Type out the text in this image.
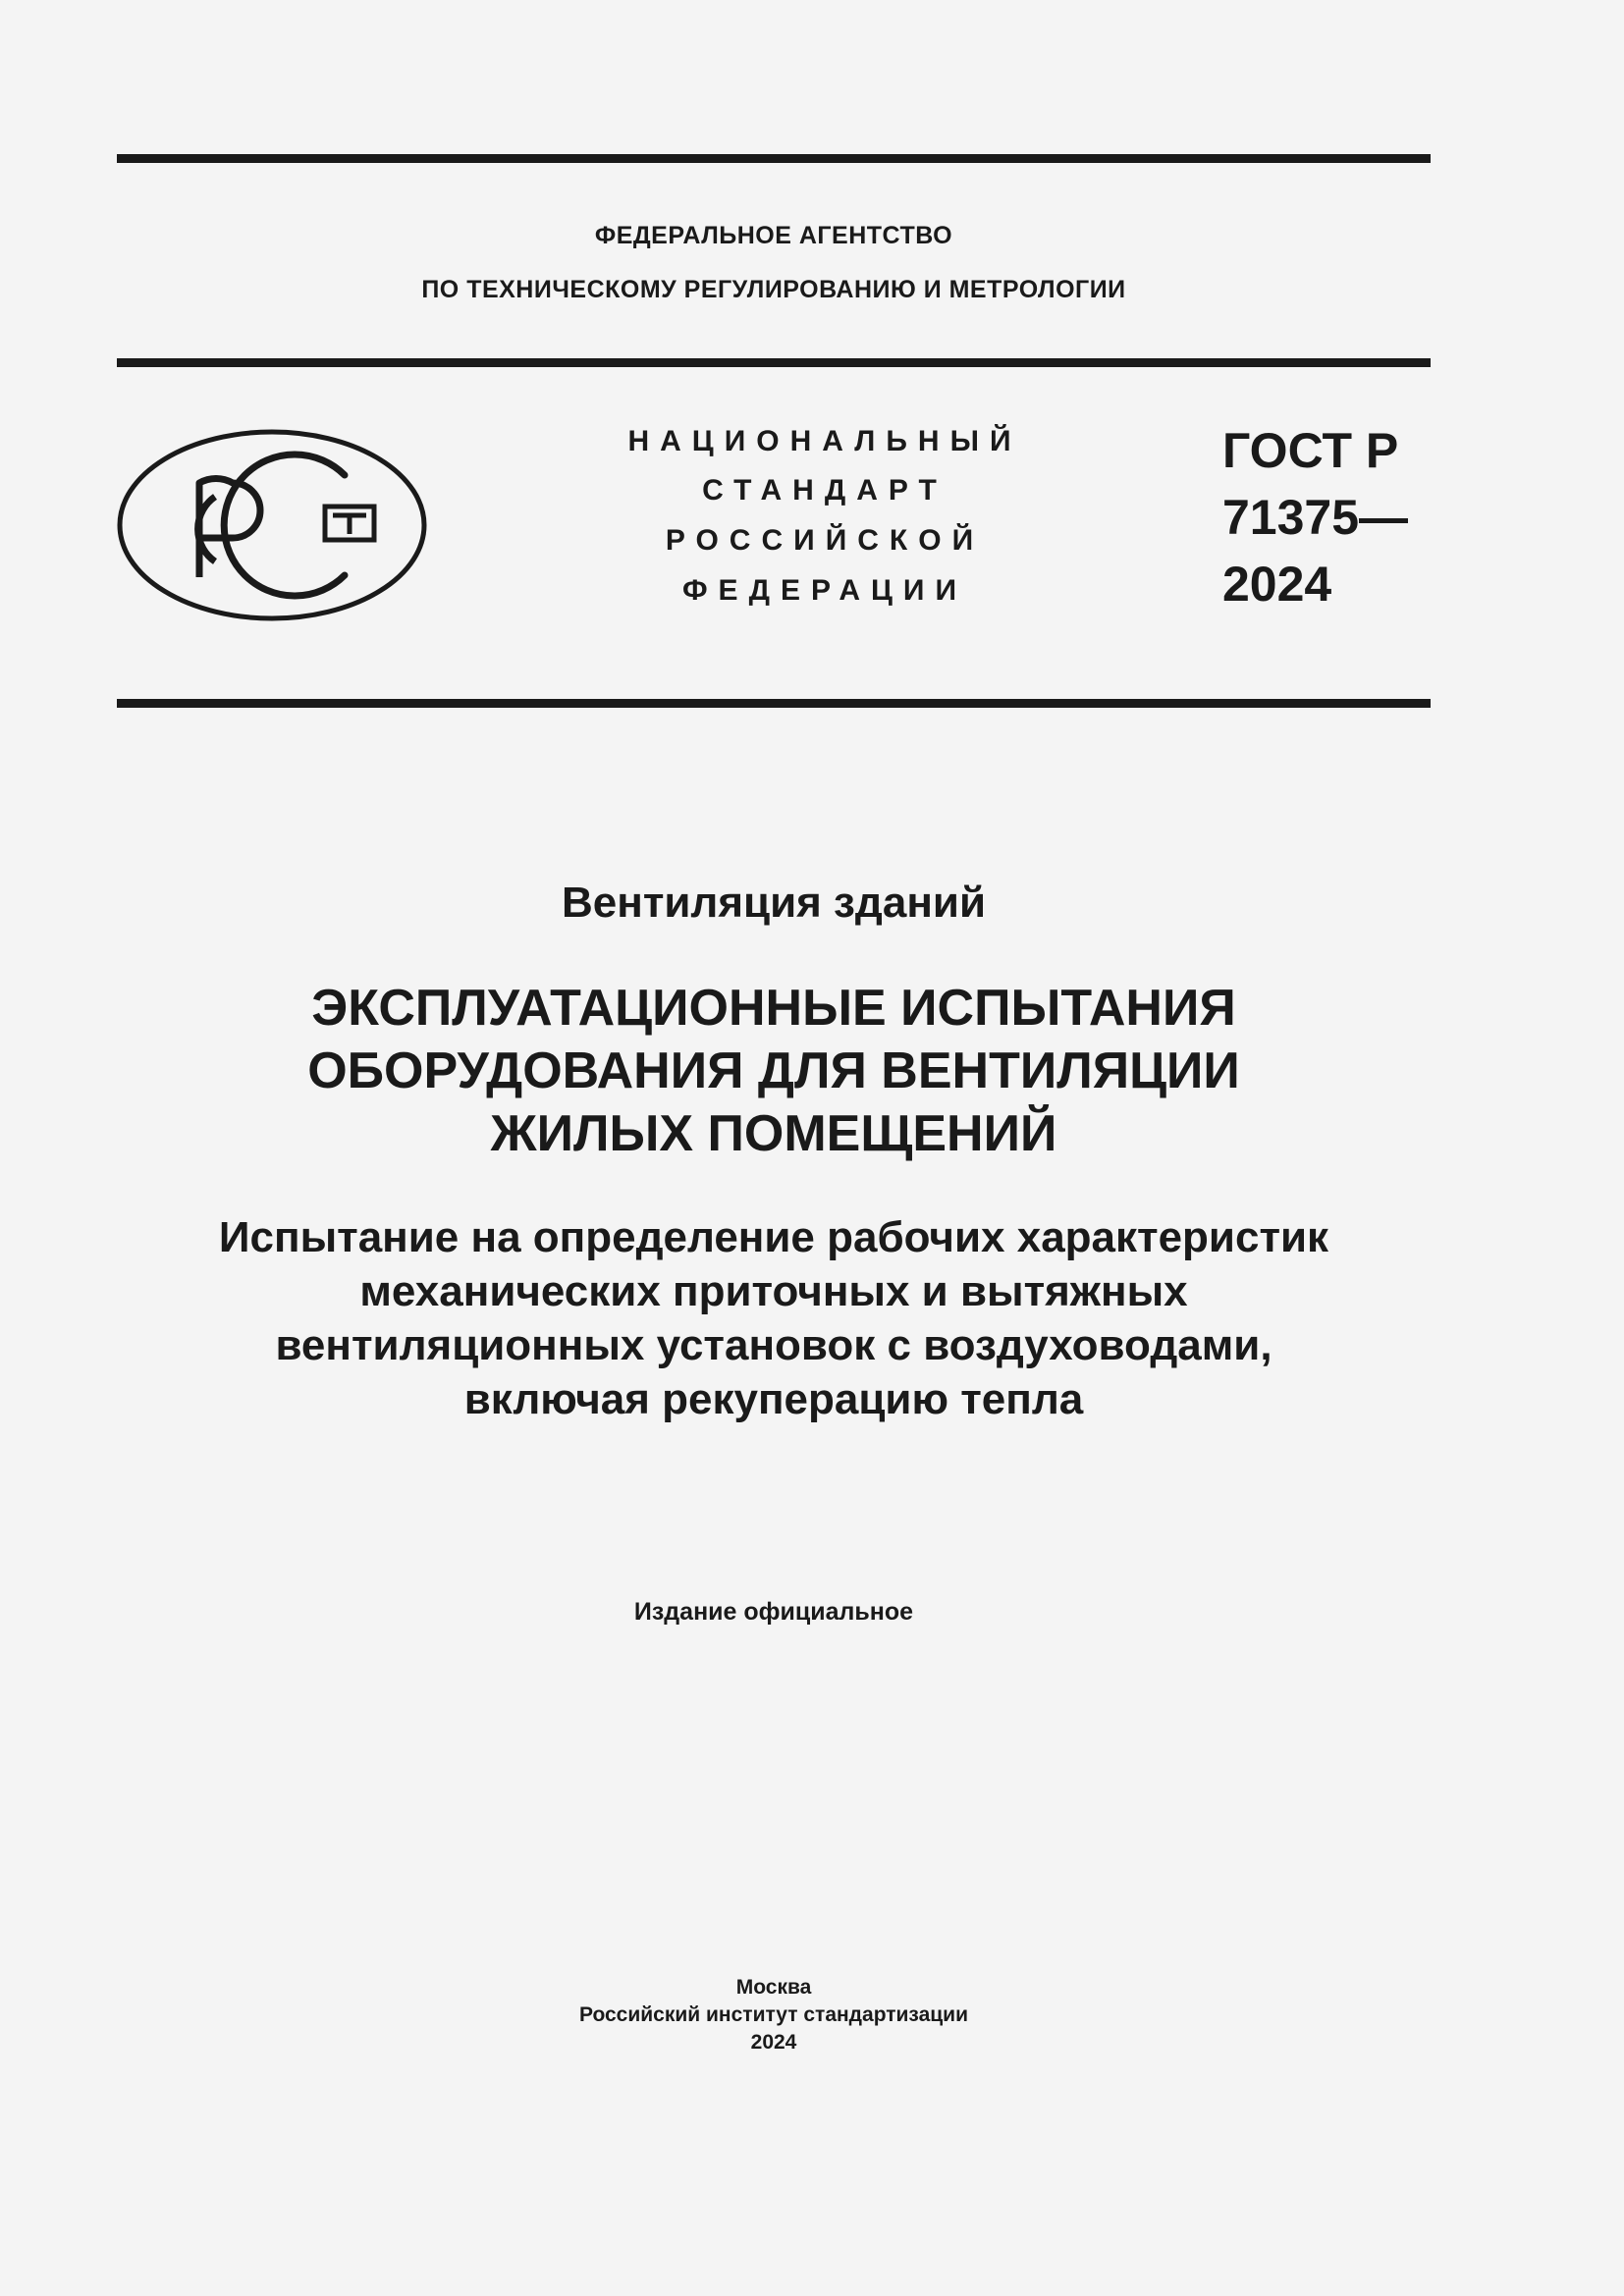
ФЕДЕРАЛЬНОЕ АГЕНТСТВО
ПО ТЕХНИЧЕСКОМУ РЕГУЛИРОВАНИЮ И МЕТРОЛОГИИ
НАЦИОНАЛЬНЫЙ
СТАНДАРТ
РОССИЙСКОЙ
ФЕДЕРАЦИИ
ГОСТ Р
71375—
2024
Вентиляция зданий
ЭКСПЛУАТАЦИОННЫЕ ИСПЫТАНИЯ
ОБОРУДОВАНИЯ ДЛЯ ВЕНТИЛЯЦИИ
ЖИЛЫХ ПОМЕЩЕНИЙ
Испытание на определение рабочих характеристик
механических приточных и вытяжных
вентиляционных установок с воздуховодами,
включая рекуперацию тепла
Издание официальное
Москва
Российский институт стандартизации
2024
